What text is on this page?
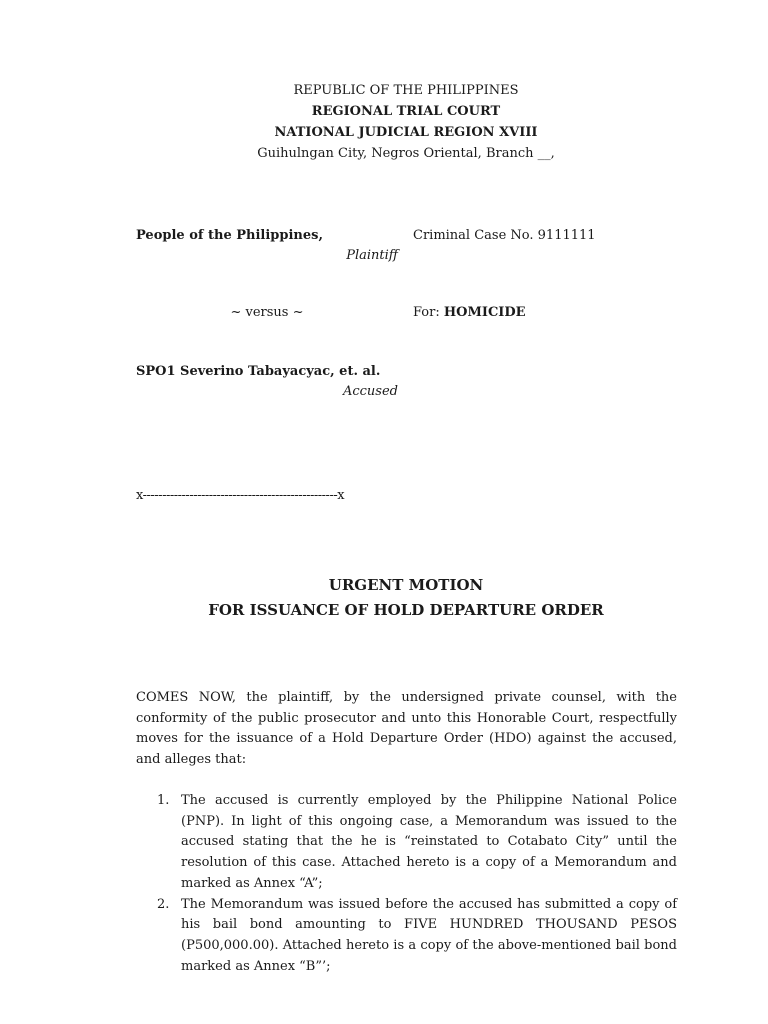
REPUBLIC OF THE PHILIPPINES
REGIONAL TRIAL COURT
NATIONAL JUDICIAL REGION XVIII
Guihulngan City, Negros Oriental, Branch __,
People of the Philippines,
Plaintiff
Criminal Case No. 9111111
~ versus ~	For: HOMICIDE
SPO1 Severino Tabayacyac, et. al.
Accused
x--------------------------------------------------x
URGENT MOTION
FOR ISSUANCE OF HOLD DEPARTURE ORDER
COMES NOW, the plaintiff, by the undersigned private counsel, with the conformity of the public prosecutor and unto this Honorable Court, respectfully moves for the issuance of a Hold Departure Order (HDO) against the accused, and alleges that:
1. The accused is currently employed by the Philippine National Police (PNP). In light of this ongoing case, a Memorandum was issued to the accused stating that the he is “reinstated to Cotabato City” until the resolution of this case. Attached hereto is a copy of a Memorandum and marked as Annex “A”;
2. The Memorandum was issued before the accused has submitted a copy of his bail bond amounting to FIVE HUNDRED THOUSAND PESOS (P500,000.00). Attached hereto is a copy of the above-mentioned bail bond marked as Annex “B”’;
